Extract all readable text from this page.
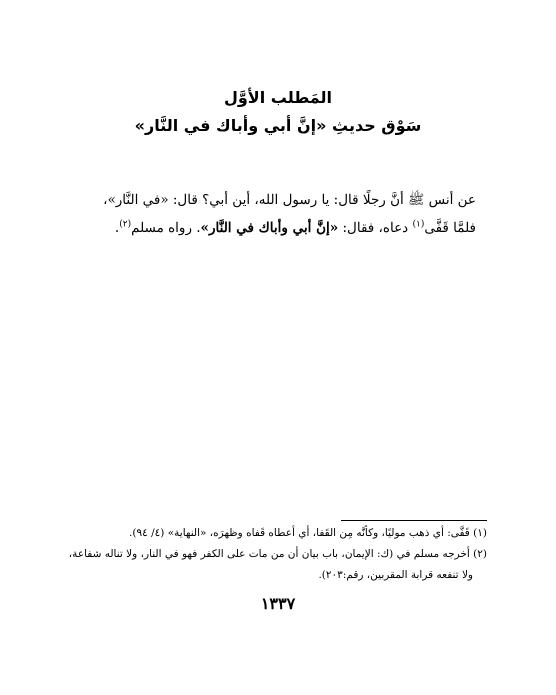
المَطلب الأوَّل
سَوْق حديثِ «إنَّ أبي وأباك في النَّار»
عن أنس ﷺ أنَّ رجلًا قال: يا رسول الله، أين أبي؟ قال: «في النَّار»،
فلمَّا قَفَّى$^{(١)}$ دعاه، فقال: «إنَّ أبي وأباك في النَّار». رواه مسلم$^{(٢)}$.
(١) قَفَّى: أي ذهب موليًا، وكأنَّه مِن القَفا، أي أعطاه قَفاه وظهرَه، «النهاية» (٤/ ٩٤).
(٢) أخرجه مسلم في (ك: الإيمان، باب بيان أن من مات على الكفر فهو في النار، ولا تناله شفاعة،
ولا تنفعه قرابة المقربين، رقم:٢٠٣).
١٣٣٧
